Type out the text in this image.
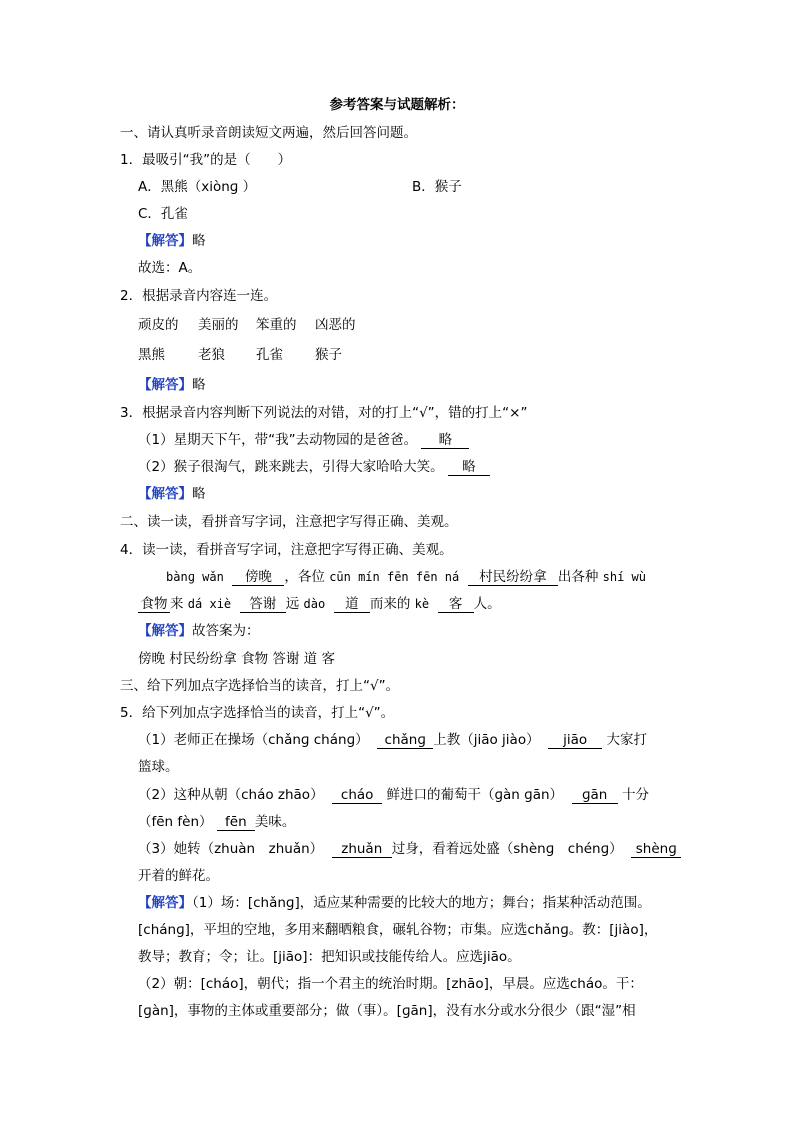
参考答案与试题解析：
一、请认真听录音朗读短文两遍，然后回答问题。
1．最吸引“我”的是（　　）
A．黑熊（xiònɡ ）	B．猴子
C．孔雀
【解答】略
故选：A。
2．根据录音内容连一连。
顽皮的 美丽的 笨重的 凶恶的
黑熊 老狼 孔雀 猴子
【解答】略
3．根据录音内容判断下列说法的对错，对的打上“√”，错的打上“×”
（1）星期天下午，带“我”去动物园的是爸爸。 略
（2）猴子很淘气，跳来跳去，引得大家哈哈大笑。 略
【解答】略
二、读一读，看拼音写字词，注意把字写得正确、美观。
4．读一读，看拼音写字词，注意把字写得正确、美观。
bànɡ wǎn 傍晚 ，各位 cūn mín fēn fēn ná 村民纷纷拿 出各种 shí wù
食物 来 dá xiè 答谢 远 dào 道 而来的 kè 客 人。
【解答】故答案为：
傍晚 村民纷纷拿 食物 答谢 道 客
三、给下列加点字选择恰当的读音，打上“√”。
5．给下列加点字选择恰当的读音，打上“√”。
（1）老师正在操场（chǎnɡ chánɡ） chǎnɡ 上教（jiāo jiào） jiāo 大家打
篮球。
（2）这种从朝（cháo zhāo） cháo 鲜进口的葡萄干（ɡàn ɡān） ɡān 十分
（fēn fèn） fēn 美味。
（3）她转（zhuàn　zhuǎn） zhuǎn 过身，看着远处盛（shènɡ　chénɡ） shènɡ
开着的鲜花。
【解答】（1）场：[chǎnɡ]，适应某种需要的比较大的地方；舞台；指某种活动范围。
[chánɡ]，平坦的空地，多用来翻晒粮食，碾轧谷物；市集。应选chǎnɡ。教：[jiào]，
教导；教育；令；让。[jiāo]：把知识或技能传给人。应选jiāo。
（2）朝：[cháo]，朝代；指一个君主的统治时期。[zhāo]，早晨。应选cháo。干：
[ɡàn]，事物的主体或重要部分；做（事）。[ɡān]，没有水分或水分很少（跟“湿”相
